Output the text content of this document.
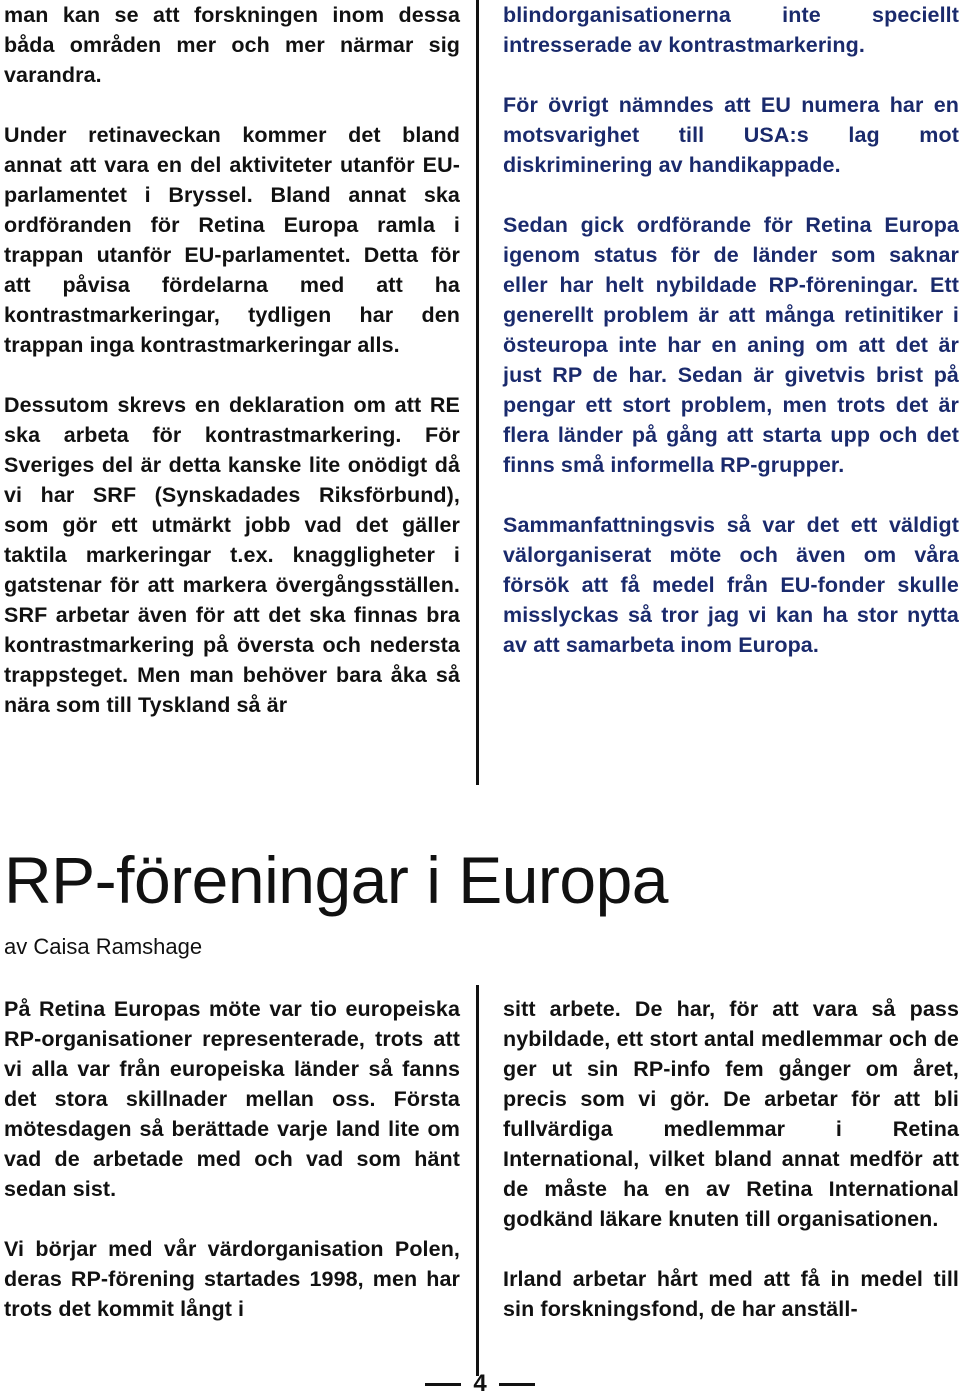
man kan se att forskningen inom dessa båda områden mer och mer närmar sig varandra.

Under retinaveckan kommer det bland annat att vara en del aktiviteter utanför EU-parlamentet i Bryssel. Bland annat ska ordföranden för Retina Europa ramla i trappan utanför EU-parlamentet. Detta för att påvisa fördelarna med att ha kontrastmarkeringar, tydligen har den trappan inga kontrastmarkeringar alls.

Dessutom skrevs en deklaration om att RE ska arbeta för kontrastmarkering. För Sveriges del är detta kanske lite onödigt då vi har SRF (Synskadades Riksförbund), som gör ett utmärkt jobb vad det gäller taktila markeringar t.ex. knaggligheter i gatstenar för att markera övergångsställen. SRF arbetar även för att det ska finnas bra kontrastmarkering på översta och nedersta trappsteget. Men man behöver bara åka så nära som till Tyskland så är

blindorganisationerna inte speciellt intresserade av kontrastmarkering.

För övrigt nämndes att EU numera har en motsvarighet till USA:s lag mot diskriminering av handikappade.

Sedan gick ordförande för Retina Europa igenom status för de länder som saknar eller har helt nybildade RP-föreningar. Ett generellt problem är att många retinitiker i östeuropa inte har en aning om att det är just RP de har. Sedan är givetvis brist på pengar ett stort problem, men trots det är flera länder på gång att starta upp och det finns små informella RP-grupper.

Sammanfattningsvis så var det ett väldigt välorganiserat möte och även om våra försök att få medel från EU-fonder skulle misslyckas så tror jag vi kan ha stor nytta av att samarbeta inom Europa.

RP-föreningar i Europa
av Caisa Ramshage

På Retina Europas möte var tio europeiska RP-organisationer representerade, trots att vi alla var från europeiska länder så fanns det stora skillnader mellan oss. Första mötesdagen så berättade varje land lite om vad de arbetade med och vad som hänt sedan sist.

Vi börjar med vår värdorganisation Polen, deras RP-förening startades 1998, men har trots det kommit långt i

sitt arbete. De har, för att vara så pass nybildade, ett stort antal medlemmar och de ger ut sin RP-info fem gånger om året, precis som vi gör. De arbetar för att bli fullvärdiga medlemmar i Retina International, vilket bland annat medför att de måste ha en av Retina International godkänd läkare knuten till organisationen.

Irland arbetar hårt med att få in medel till sin forskningsfond, de har anställ-

4
